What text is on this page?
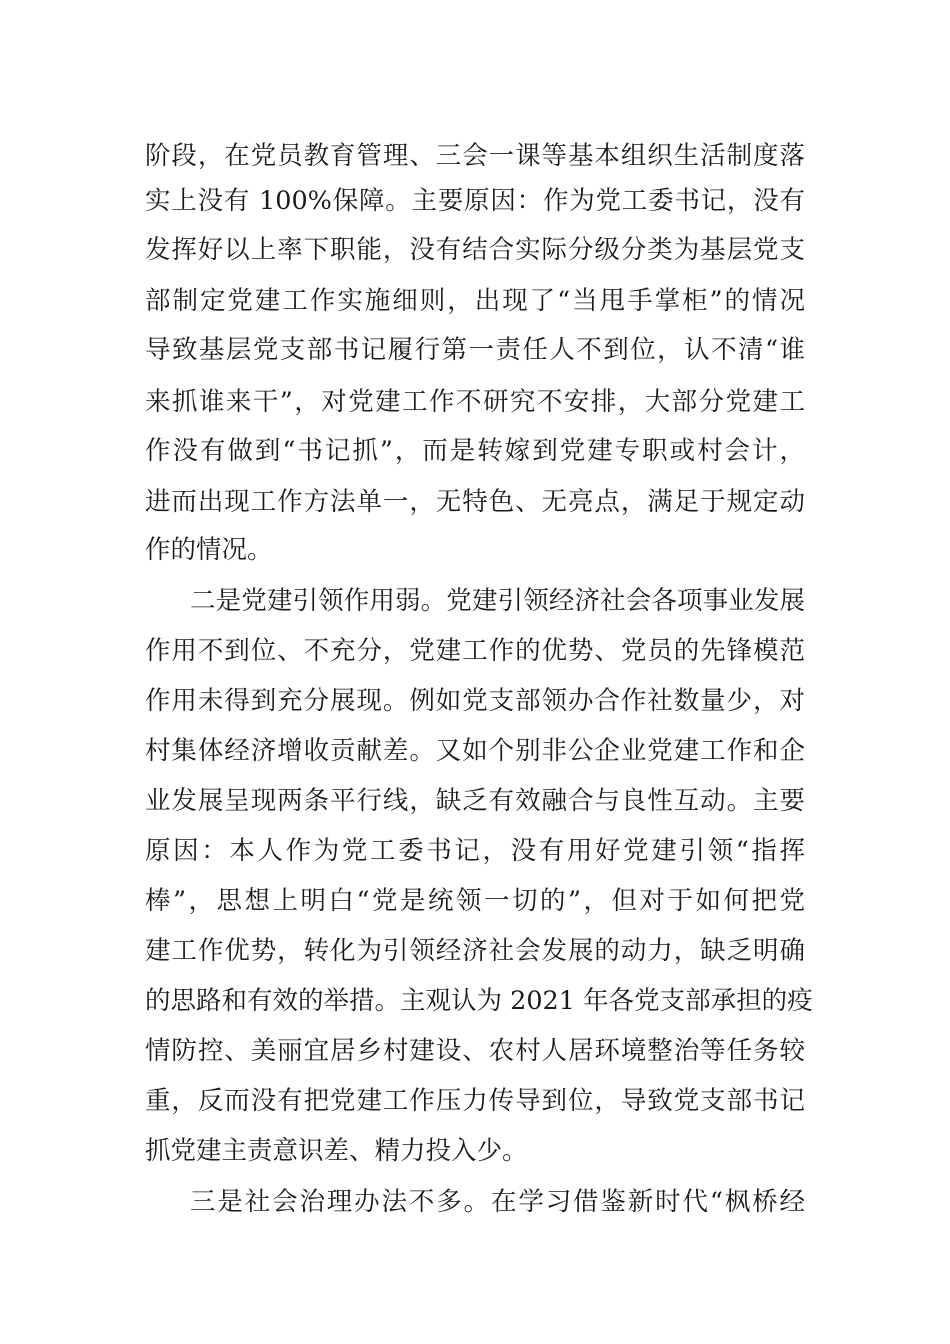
阶段，在党员教育管理、三会一课等基本组织生活制度落
实上没有 100%保障。主要原因：作为党工委书记，没有
发挥好以上率下职能，没有结合实际分级分类为基层党支
部制定党建工作实施细则，出现了“当甩手掌柜”的情况
导致基层党支部书记履行第一责任人不到位，认不清“谁
来抓谁来干”，对党建工作不研究不安排，大部分党建工
作没有做到“书记抓”，而是转嫁到党建专职或村会计，
进而出现工作方法单一，无特色、无亮点，满足于规定动
作的情况。
二是党建引领作用弱。党建引领经济社会各项事业发展
作用不到位、不充分，党建工作的优势、党员的先锋模范
作用未得到充分展现。例如党支部领办合作社数量少，对
村集体经济增收贡献差。又如个别非公企业党建工作和企
业发展呈现两条平行线，缺乏有效融合与良性互动。主要
原因：本人作为党工委书记，没有用好党建引领“指挥
棒”，思想上明白“党是统领一切的”，但对于如何把党
建工作优势，转化为引领经济社会发展的动力，缺乏明确
的思路和有效的举措。主观认为 2021 年各党支部承担的疫
情防控、美丽宜居乡村建设、农村人居环境整治等任务较
重，反而没有把党建工作压力传导到位，导致党支部书记
抓党建主责意识差、精力投入少。
三是社会治理办法不多。在学习借鉴新时代“枫桥经
